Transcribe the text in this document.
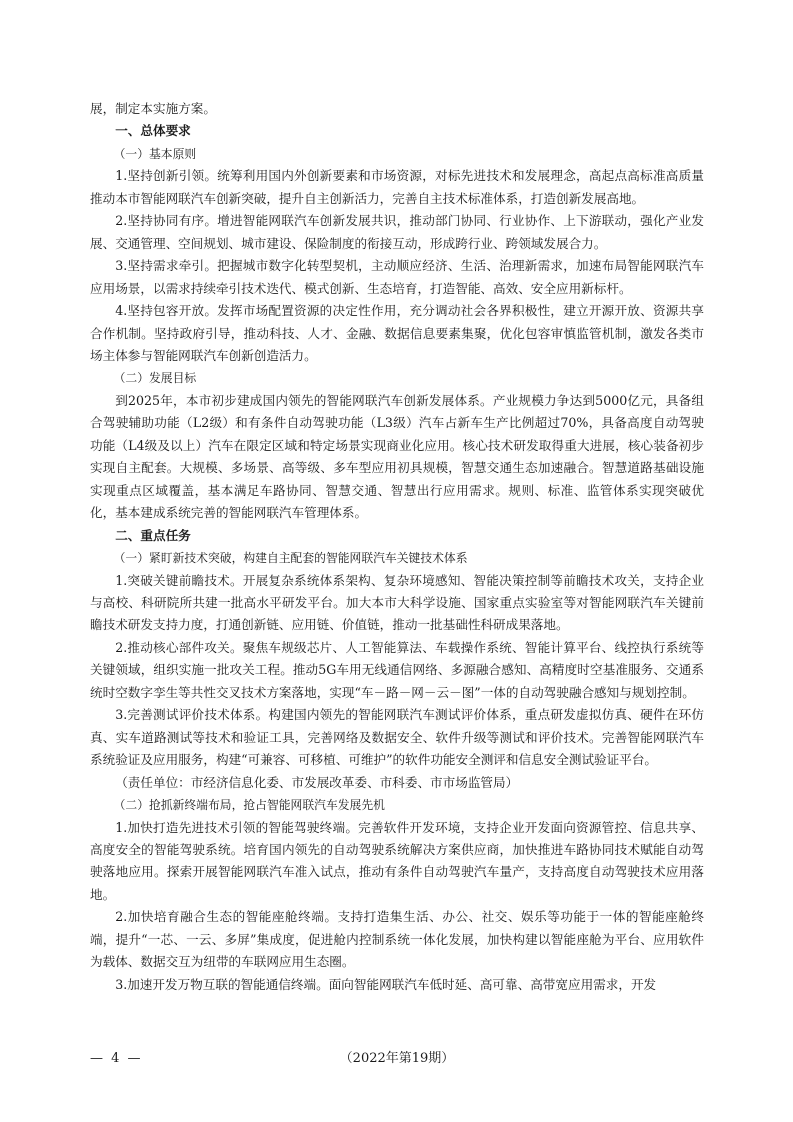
展，制定本实施方案。

一、总体要求

（一）基本原则

1.坚持创新引领。统筹利用国内外创新要素和市场资源，对标先进技术和发展理念，高起点高标准高质量推动本市智能网联汽车创新突破，提升自主创新活力，完善自主技术标准体系，打造创新发展高地。

2.坚持协同有序。增进智能网联汽车创新发展共识，推动部门协同、行业协作、上下游联动，强化产业发展、交通管理、空间规划、城市建设、保险制度的衔接互动，形成跨行业、跨领域发展合力。

3.坚持需求牵引。把握城市数字化转型契机，主动顺应经济、生活、治理新需求，加速布局智能网联汽车应用场景，以需求持续牵引技术迭代、模式创新、生态培育，打造智能、高效、安全应用新标杆。

4.坚持包容开放。发挥市场配置资源的决定性作用，充分调动社会各界积极性，建立开源开放、资源共享合作机制。坚持政府引导，推动科技、人才、金融、数据信息要素集聚，优化包容审慎监管机制，激发各类市场主体参与智能网联汽车创新创造活力。

（二）发展目标

到2025年，本市初步建成国内领先的智能网联汽车创新发展体系。产业规模力争达到5000亿元，具备组合驾驶辅助功能（L2级）和有条件自动驾驶功能（L3级）汽车占新车生产比例超过70%，具备高度自动驾驶功能（L4级及以上）汽车在限定区域和特定场景实现商业化应用。核心技术研发取得重大进展，核心装备初步实现自主配套。大规模、多场景、高等级、多车型应用初具规模，智慧交通生态加速融合。智慧道路基础设施实现重点区域覆盖，基本满足车路协同、智慧交通、智慧出行应用需求。规则、标准、监管体系实现突破优化，基本建成系统完善的智能网联汽车管理体系。

二、重点任务

（一）紧盯新技术突破，构建自主配套的智能网联汽车关键技术体系

1.突破关键前瞻技术。开展复杂系统体系架构、复杂环境感知、智能决策控制等前瞻技术攻关，支持企业与高校、科研院所共建一批高水平研发平台。加大本市大科学设施、国家重点实验室等对智能网联汽车关键前瞻技术研发支持力度，打通创新链、应用链、价值链，推动一批基础性科研成果落地。

2.推动核心部件攻关。聚焦车规级芯片、人工智能算法、车载操作系统、智能计算平台、线控执行系统等关键领域，组织实施一批攻关工程。推动5G车用无线通信网络、多源融合感知、高精度时空基准服务、交通系统时空数字孪生等共性交叉技术方案落地，实现“车－路－网－云－图”一体的自动驾驶融合感知与规划控制。

3.完善测试评价技术体系。构建国内领先的智能网联汽车测试评价体系，重点研发虚拟仿真、硬件在环仿真、实车道路测试等技术和验证工具，完善网络及数据安全、软件升级等测试和评价技术。完善智能网联汽车系统验证及应用服务，构建“可兼容、可移植、可维护”的软件功能安全测评和信息安全测试验证平台。

（责任单位：市经济信息化委、市发展改革委、市科委、市市场监管局）

（二）抢抓新终端布局，抢占智能网联汽车发展先机

1.加快打造先进技术引领的智能驾驶终端。完善软件开发环境，支持企业开发面向资源管控、信息共享、高度安全的智能驾驶系统。培育国内领先的自动驾驶系统解决方案供应商，加快推进车路协同技术赋能自动驾驶落地应用。探索开展智能网联汽车准入试点，推动有条件自动驾驶汽车量产，支持高度自动驾驶技术应用落地。

2.加快培育融合生态的智能座舱终端。支持打造集生活、办公、社交、娱乐等功能于一体的智能座舱终端，提升“一芯、一云、多屏”集成度，促进舱内控制系统一体化发展，加快构建以智能座舱为平台、应用软件为载体、数据交互为纽带的车联网应用生态圈。

3.加速开发万物互联的智能通信终端。面向智能网联汽车低时延、高可靠、高带宽应用需求，开发

— 4 —	（2022年第19期）
